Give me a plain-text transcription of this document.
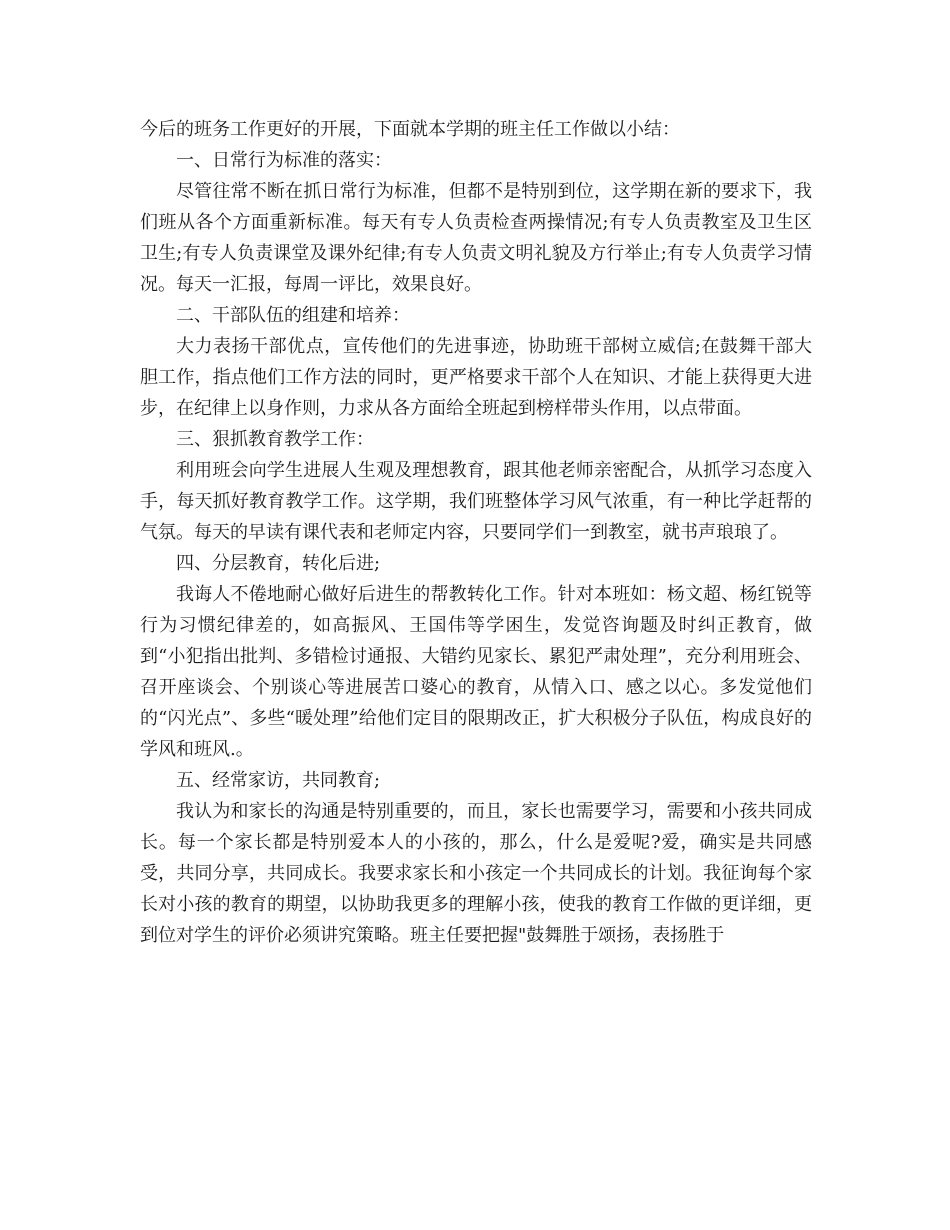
今后的班务工作更好的开展，下面就本学期的班主任工作做以小结：

一、日常行为标准的落实：

尽管往常不断在抓日常行为标准，但都不是特别到位，这学期在新的要求下，我们班从各个方面重新标准。每天有专人负责检查两操情况;有专人负责教室及卫生区卫生;有专人负责课堂及课外纪律;有专人负责文明礼貌及方行举止;有专人负责学习情况。每天一汇报，每周一评比，效果良好。

二、干部队伍的组建和培养：

大力表扬干部优点，宣传他们的先进事迹，协助班干部树立威信;在鼓舞干部大胆工作，指点他们工作方法的同时，更严格要求干部个人在知识、才能上获得更大进步，在纪律上以身作则，力求从各方面给全班起到榜样带头作用，以点带面。

三、狠抓教育教学工作：

利用班会向学生进展人生观及理想教育，跟其他老师亲密配合，从抓学习态度入手，每天抓好教育教学工作。这学期，我们班整体学习风气浓重，有一种比学赶帮的气氛。每天的早读有课代表和老师定内容，只要同学们一到教室，就书声琅琅了。

四、分层教育，转化后进;

我诲人不倦地耐心做好后进生的帮教转化工作。针对本班如：杨文超、杨红锐等行为习惯纪律差的，如高振风、王国伟等学困生，发觉咨询题及时纠正教育，做到“小犯指出批判、多错检讨通报、大错约见家长、累犯严肃处理”，充分利用班会、召开座谈会、个别谈心等进展苦口婆心的教育，从情入口、感之以心。多发觉他们的“闪光点”、多些“暖处理”给他们定目的限期改正，扩大积极分子队伍，构成良好的学风和班风.。

五、经常家访，共同教育;

我认为和家长的沟通是特别重要的，而且，家长也需要学习，需要和小孩共同成长。每一个家长都是特别爱本人的小孩的，那么，什么是爱呢?爱，确实是共同感受，共同分享，共同成长。我要求家长和小孩定一个共同成长的计划。我征询每个家长对小孩的教育的期望，以协助我更多的理解小孩，使我的教育工作做的更详细，更到位对学生的评价必须讲究策略。班主任要把握"鼓舞胜于颂扬，表扬胜于
